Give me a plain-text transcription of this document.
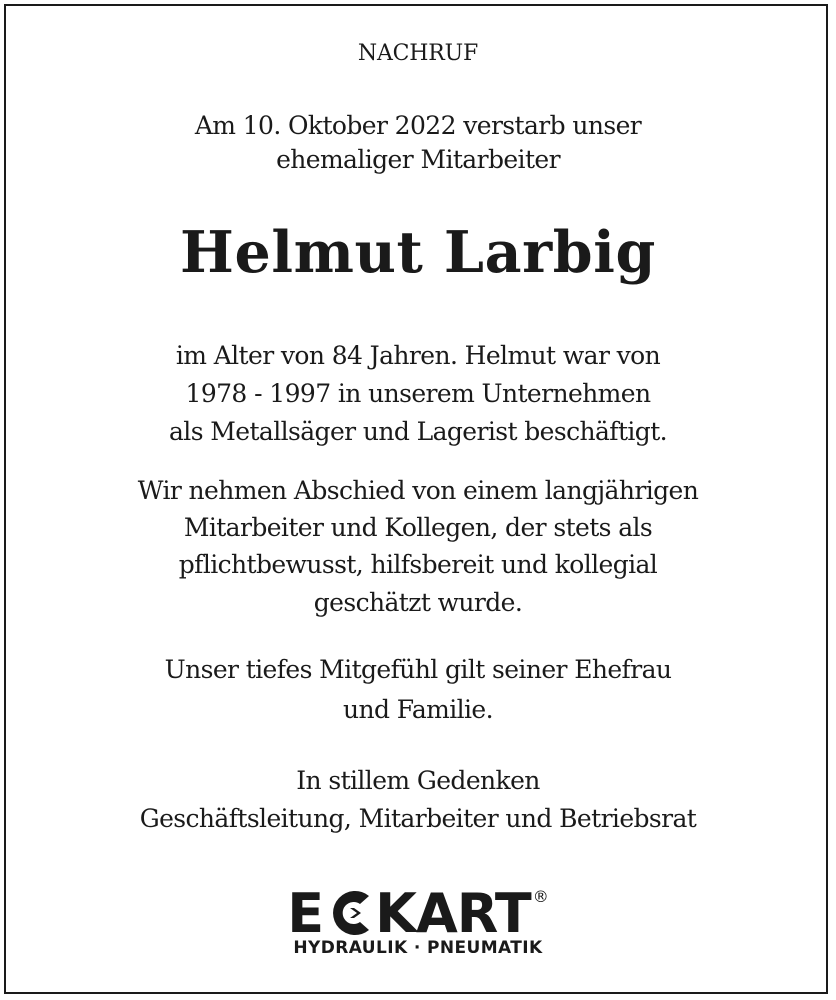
NACHRUF
Am 10. Oktober 2022 verstarb unser
ehemaliger Mitarbeiter
Helmut Larbig
im Alter von 84 Jahren. Helmut war von
1978 - 1997 in unserem Unternehmen
als Metallsäger und Lagerist beschäftigt.
Wir nehmen Abschied von einem langjährigen
Mitarbeiter und Kollegen, der stets als
pflichtbewusst, hilfsbereit und kollegial
geschätzt wurde.
Unser tiefes Mitgefühl gilt seiner Ehefrau
und Familie.
In stillem Gedenken
Geschäftsleitung, Mitarbeiter und Betriebsrat
E KART ®
HYDRAULIK · PNEUMATIK
